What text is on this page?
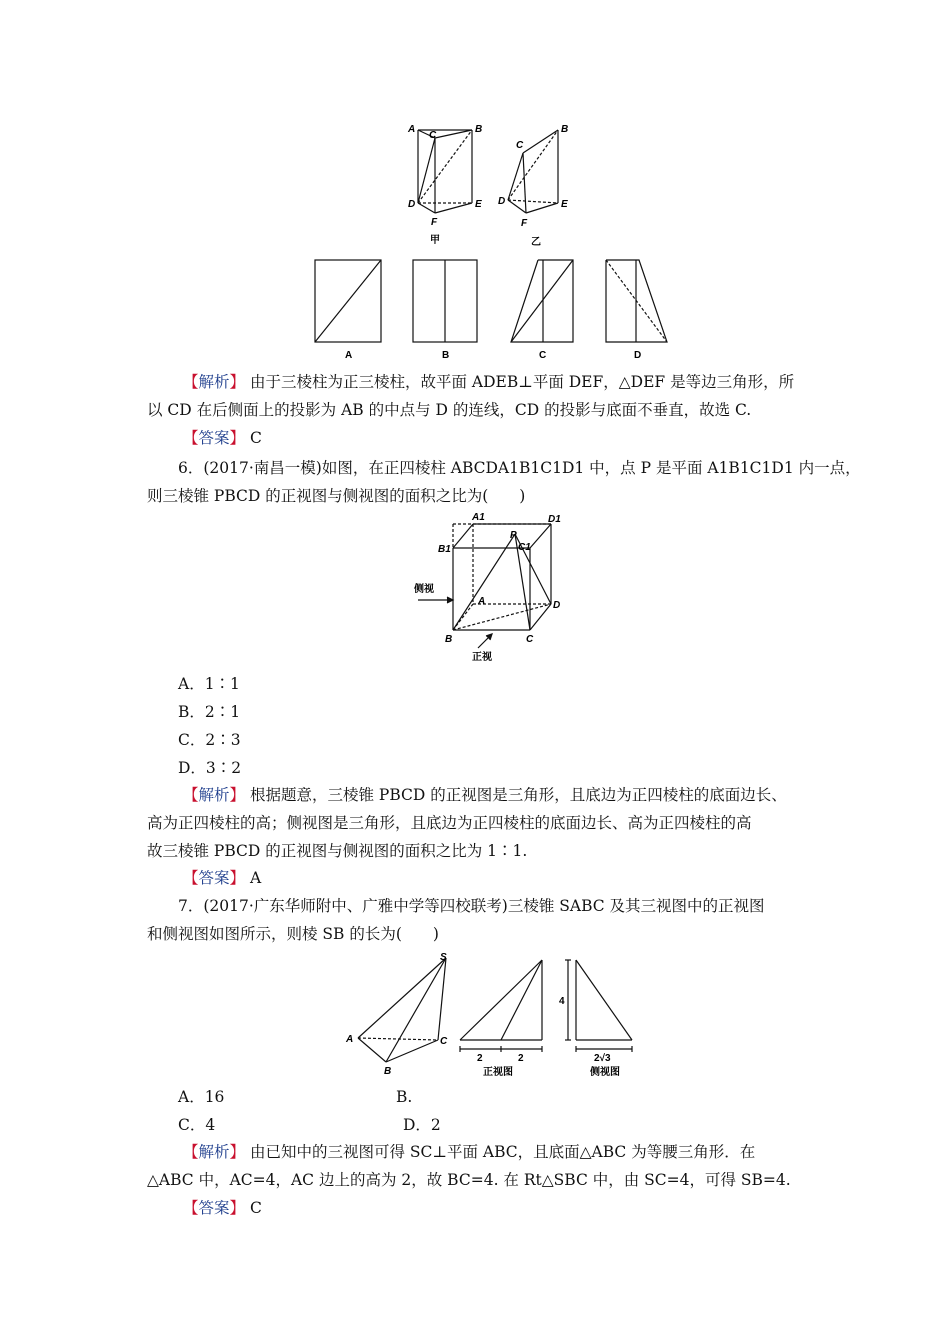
A
C
B
D	E
F
甲
C
B
D	E
F
乙
A	B	C	D
【解析】 由于三棱柱为正三棱柱，故平面 ADEB⊥平面 DEF，△DEF 是等边三角形，所
以 CD 在后侧面上的投影为 AB 的中点与 D 的连线，CD 的投影与底面不垂直，故选 C.
【答案】 C
6．(2017·南昌一模)如图，在正四棱柱 ABCDA1B1C1D1 中，点 P 是平面 A1B1C1D1 内一点，
则三棱锥 PBCD 的正视图与侧视图的面积之比为(　　)
A1	D1
B1
P
C1
A	D
B	C
侧视
正视
A．1∶1
B．2∶1
C．2∶3
D．3∶2
【解析】 根据题意，三棱锥 PBCD 的正视图是三角形，且底边为正四棱柱的底面边长、
高为正四棱柱的高；侧视图是三角形，且底边为正四棱柱的底面边长、高为正四棱柱的高
故三棱锥 PBCD 的正视图与侧视图的面积之比为 1∶1.
【答案】 A
7．(2017·广东华师附中、广雅中学等四校联考)三棱锥 SABC 及其三视图中的正视图
和侧视图如图所示，则棱 SB 的长为(　　)
S
A	C
B
2	2
4
2√3
正视图	侧视图
A．16	B.
C．4	D．2
【解析】 由已知中的三视图可得 SC⊥平面 ABC，且底面△ABC 为等腰三角形．在
△ABC 中，AC=4，AC 边上的高为 2，故 BC=4. 在 Rt△SBC 中，由 SC=4，可得 SB=4.
【答案】 C
